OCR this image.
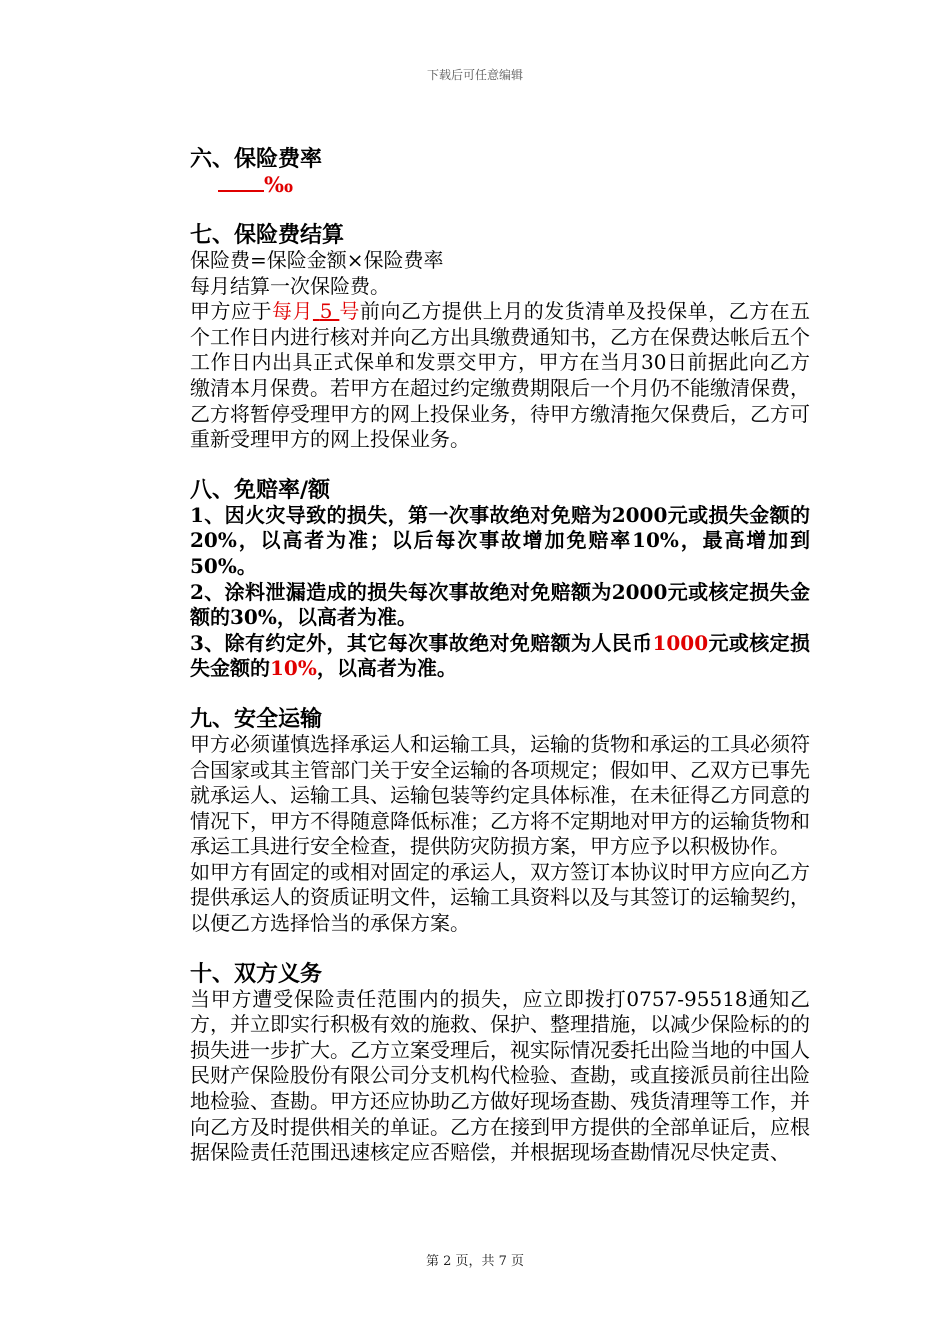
下载后可任意编辑

六、保险费率

‰

七、保险费结算

保险费=保险金额×保险费率

每月结算一次保险费。

甲方应于每月 5 号前向乙方提供上月的发货清单及投保单，乙方在五个工作日内进行核对并向乙方出具缴费通知书，乙方在保费达帐后五个工作日内出具正式保单和发票交甲方，甲方在当月30日前据此向乙方缴清本月保费。若甲方在超过约定缴费期限后一个月仍不能缴清保费，乙方将暂停受理甲方的网上投保业务，待甲方缴清拖欠保费后，乙方可重新受理甲方的网上投保业务。

八、免赔率/额

1、因火灾导致的损失，第一次事故绝对免赔为2000元或损失金额的20%，以高者为准；以后每次事故增加免赔率10%，最高增加到50%。

2、涂料泄漏造成的损失每次事故绝对免赔额为2000元或核定损失金额的30%，以高者为准。

3、除有约定外，其它每次事故绝对免赔额为人民币1000元或核定损失金额的10%，以高者为准。

九、安全运输

甲方必须谨慎选择承运人和运输工具，运输的货物和承运的工具必须符合国家或其主管部门关于安全运输的各项规定；假如甲、乙双方已事先就承运人、运输工具、运输包装等约定具体标准，在未征得乙方同意的情况下，甲方不得随意降低标准；乙方将不定期地对甲方的运输货物和承运工具进行安全检查，提供防灾防损方案，甲方应予以积极协作。

如甲方有固定的或相对固定的承运人，双方签订本协议时甲方应向乙方提供承运人的资质证明文件，运输工具资料以及与其签订的运输契约，以便乙方选择恰当的承保方案。

十、双方义务

当甲方遭受保险责任范围内的损失，应立即拨打0757-95518通知乙方，并立即实行积极有效的施救、保护、整理措施，以减少保险标的的损失进一步扩大。乙方立案受理后，视实际情况委托出险当地的中国人民财产保险股份有限公司分支机构代检验、查勘，或直接派员前往出险地检验、查勘。甲方还应协助乙方做好现场查勘、残货清理等工作，并向乙方及时提供相关的单证。乙方在接到甲方提供的全部单证后，应根据保险责任范围迅速核定应否赔偿，并根据现场查勘情况尽快定责、

第 2 页，共 7 页
